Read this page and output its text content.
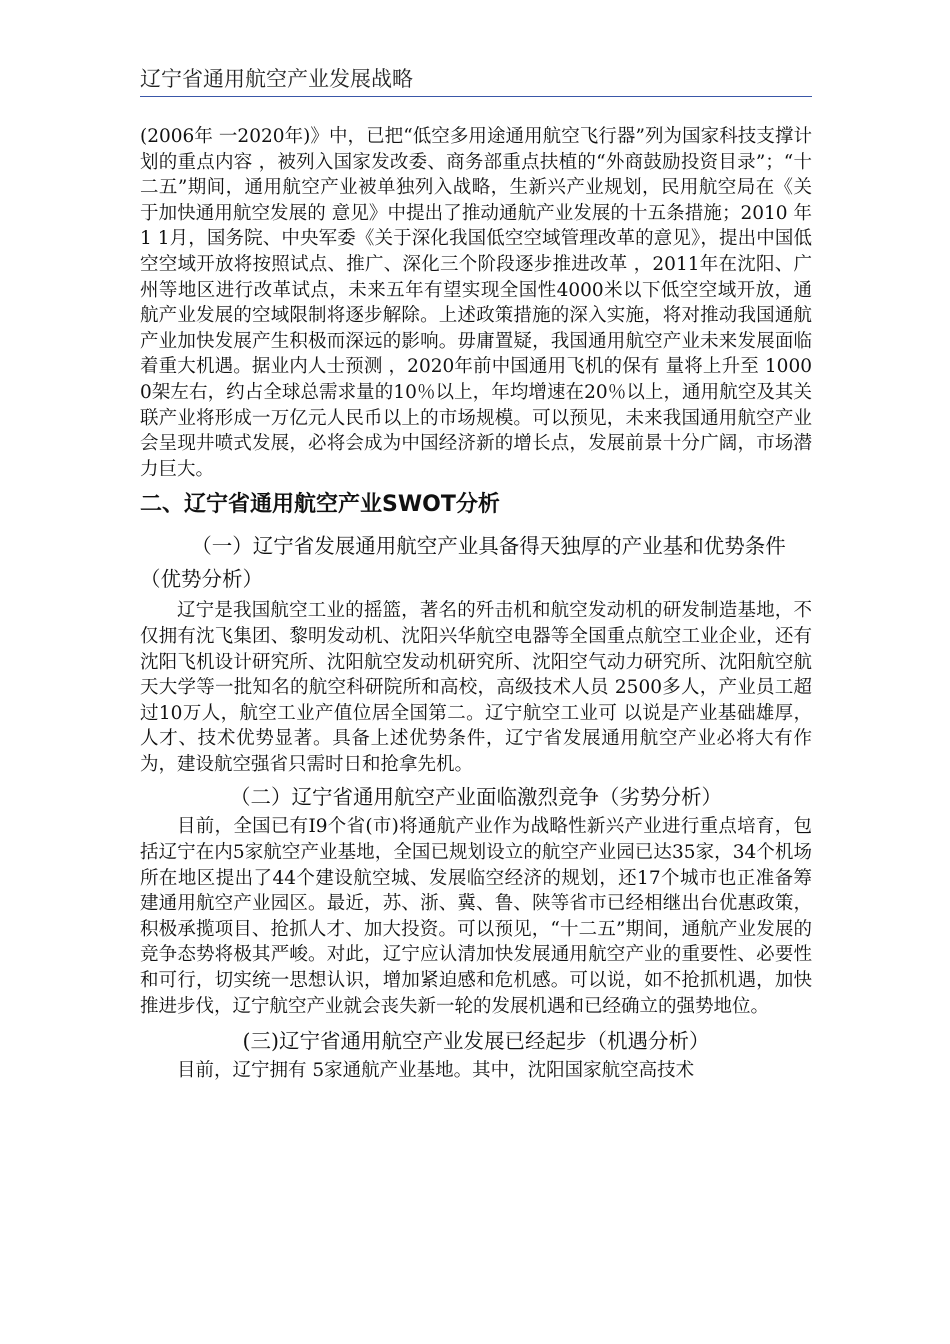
辽宁省通用航空产业发展战略

(2006年 一2020年)》中，已把“低空多用途通用航空飞行器”列为国家科技支撑计划的重点内容 ，被列入国家发改委、商务部重点扶植的“外商鼓励投资目录”；“十二五”期间，通用航空产业被单独列入战略，生新兴产业规划，民用航空局在《关于加快通用航空发展的 意见》中提出了推动通航产业发展的十五条措施；2010 年 1 1月，国务院、中央军委《关于深化我国低空空域管理改革的意见》，提出中国低空空域开放将按照试点、推广、深化三个阶段逐步推进改革 ，2011年在沈阳、广州等地区进行改革试点，未来五年有望实现全国性4000米以下低空空域开放，通航产业发展的空域限制将逐步解除。上述政策措施的深入实施，将对推动我国通航产业加快发展产生积极而深远的影响。毋庸置疑，我国通用航空产业未来发展面临着重大机遇。据业内人士预测 ，2020年前中国通用飞机的保有 量将上升至 10000架左右，约占全球总需求量的10％以上，年均增速在20％以上，通用航空及其关联产业将形成一万亿元人民币以上的市场规模。可以预见，未来我国通用航空产业会呈现井喷式发展，必将会成为中国经济新的增长点，发展前景十分广阔，市场潜力巨大。

二、辽宁省通用航空产业SWOT分析

（一）辽宁省发展通用航空产业具备得天独厚的产业基和优势条件（优势分析）

辽宁是我国航空工业的摇篮，著名的歼击机和航空发动机的研发制造基地，不仅拥有沈飞集团、黎明发动机、沈阳兴华航空电器等全国重点航空工业企业，还有沈阳飞机设计研究所、沈阳航空发动机研究所、沈阳空气动力研究所、沈阳航空航天大学等一批知名的航空科研院所和高校，高级技术人员 2500多人，产业员工超过10万人，航空工业产值位居全国第二。辽宁航空工业可 以说是产业基础雄厚，人才、技术优势显著。具备上述优势条件，辽宁省发展通用航空产业必将大有作为，建设航空强省只需时日和抢拿先机。

（二）辽宁省通用航空产业面临激烈竞争（劣势分析）

目前，全国已有I9个省(市)将通航产业作为战略性新兴产业进行重点培育，包括辽宁在内5家航空产业基地，全国已规划设立的航空产业园已达35家，34个机场所在地区提出了44个建设航空城、发展临空经济的规划，还17个城市也正准备筹建通用航空产业园区。最近，苏、浙、冀、鲁、陕等省市已经相继出台优惠政策，积极承揽项目、抢抓人才、加大投资。可以预见，“十二五”期间，通航产业发展的竞争态势将极其严峻。对此，辽宁应认清加快发展通用航空产业的重要性、必要性和可行，切实统一思想认识，增加紧迫感和危机感。可以说，如不抢抓机遇，加快推进步伐，辽宁航空产业就会丧失新一轮的发展机遇和已经确立的强势地位。

(三)辽宁省通用航空产业发展已经起步（机遇分析）

目前，辽宁拥有 5家通航产业基地。其中，沈阳国家航空高技术
